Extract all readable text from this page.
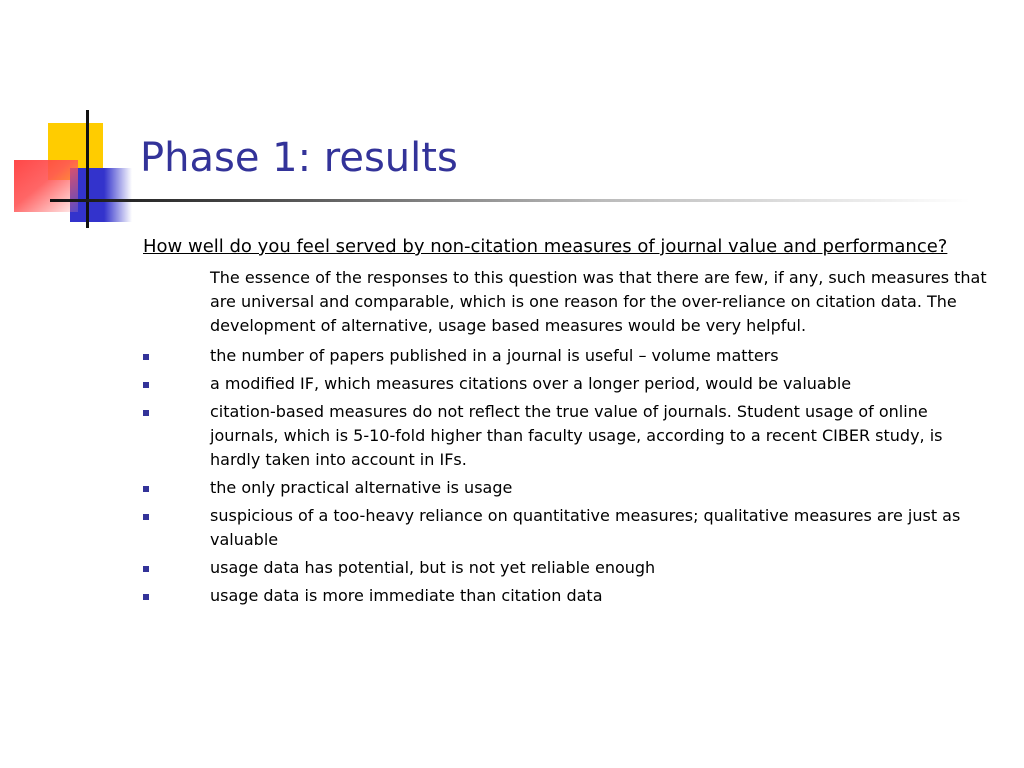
Phase 1: results

How well do you feel served by non-citation measures of journal value and performance?

The essence of the responses to this question was that there are few, if any, such measures that are universal and comparable, which is one reason for the over-reliance on citation data. The development of alternative, usage based measures would be very helpful.

the number of papers published in a journal is useful – volume matters
a modified IF, which measures citations over a longer period, would be valuable
citation-based measures do not reflect the true value of journals. Student usage of online journals, which is 5-10-fold higher than faculty usage, according to a recent CIBER study, is hardly taken into account in IFs.
the only practical alternative is usage
suspicious of a too-heavy reliance on quantitative measures; qualitative measures are just as valuable
usage data has potential, but is not yet reliable enough
usage data is more immediate than citation data
